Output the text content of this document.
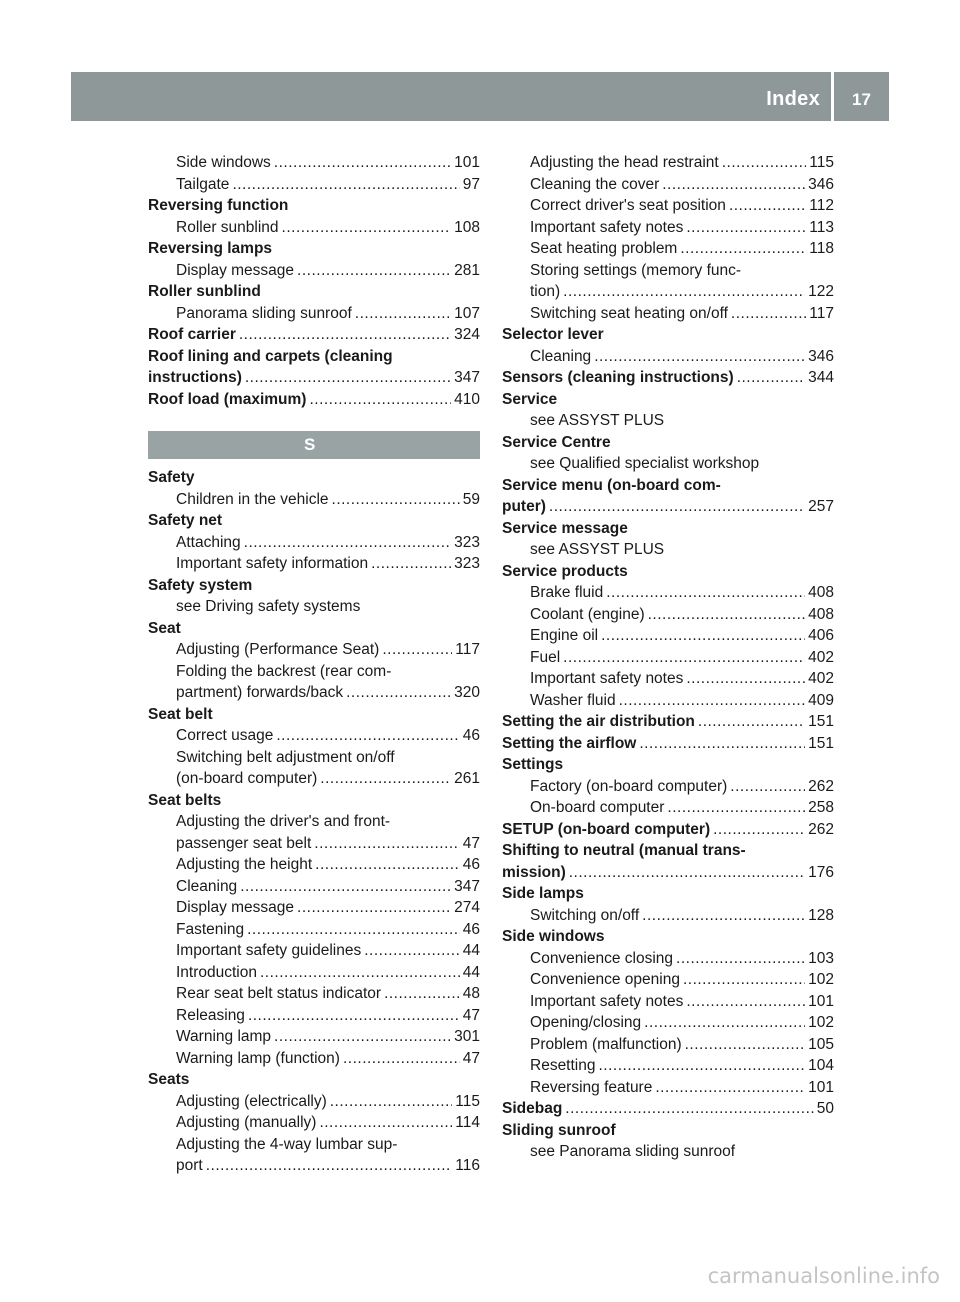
Index	17
Side windows .....	101
Tailgate .....	97
Reversing function
Roller sunblind .....	108
Reversing lamps
Display message .....	281
Roller sunblind
Panorama sliding sunroof .....	107
Roof carrier .....	324
Roof lining and carpets (cleaning
instructions) .....	347
Roof load (maximum) .....	410
S
Safety
Children in the vehicle .....	59
Safety net
Attaching .....	323
Important safety information .....	323
Safety system
see Driving safety systems
Seat
Adjusting (Performance Seat) .....	117
Folding the backrest (rear com-
partment) forwards/back .....	320
Seat belt
Correct usage .....	46
Switching belt adjustment on/off
(on-board computer) .....	261
Seat belts
Adjusting the driver's and front-
passenger seat belt .....	47
Adjusting the height .....	46
Cleaning .....	347
Display message .....	274
Fastening .....	46
Important safety guidelines .....	44
Introduction .....	44
Rear seat belt status indicator .....	48
Releasing .....	47
Warning lamp .....	301
Warning lamp (function) .....	47
Seats
Adjusting (electrically) .....	115
Adjusting (manually) .....	114
Adjusting the 4-way lumbar sup-
port .....	116
Adjusting the head restraint .....	115
Cleaning the cover .....	346
Correct driver's seat position .....	112
Important safety notes .....	113
Seat heating problem .....	118
Storing settings (memory func-
tion) .....	122
Switching seat heating on/off .....	117
Selector lever
Cleaning .....	346
Sensors (cleaning instructions) .....	344
Service
see ASSYST PLUS
Service Centre
see Qualified specialist workshop
Service menu (on-board com-
puter) .....	257
Service message
see ASSYST PLUS
Service products
Brake fluid .....	408
Coolant (engine) .....	408
Engine oil .....	406
Fuel .....	402
Important safety notes .....	402
Washer fluid .....	409
Setting the air distribution .....	151
Setting the airflow .....	151
Settings
Factory (on-board computer) .....	262
On-board computer .....	258
SETUP (on-board computer) .....	262
Shifting to neutral (manual trans-
mission) .....	176
Side lamps
Switching on/off .....	128
Side windows
Convenience closing .....	103
Convenience opening .....	102
Important safety notes .....	101
Opening/closing .....	102
Problem (malfunction) .....	105
Resetting .....	104
Reversing feature .....	101
Sidebag .....	50
Sliding sunroof
see Panorama sliding sunroof
carmanualsonline.info
